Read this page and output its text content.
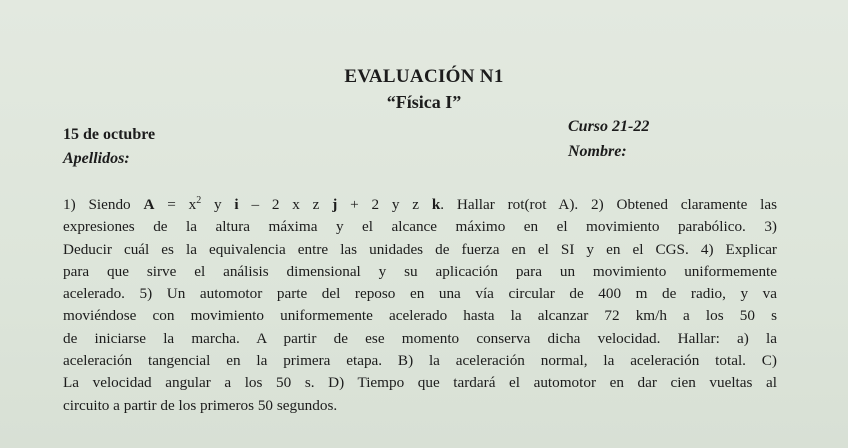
EVALUACIÓN N1
“Física I”
15 de octubre
Apellidos:
Curso 21-22
Nombre:
1) Siendo $A = x^2$ y i – 2 x z j + 2 y z k. Hallar rot(rot A). 2) Obtened claramente las
expresiones de la altura máxima y el alcance máximo en el movimiento parabólico. 3)
Deducir cuál es la equivalencia entre las unidades de fuerza en el SI y en el CGS. 4) Explicar
para que sirve el análisis dimensional y su aplicación para un movimiento uniformemente
acelerado. 5) Un automotor parte del reposo en una vía circular de 400 m de radio, y va
moviéndose con movimiento uniformemente acelerado hasta la alcanzar 72 km/h a los 50 s
de iniciarse la marcha. A partir de ese momento conserva dicha velocidad. Hallar: a) la
aceleración tangencial en la primera etapa. B) la aceleración normal, la aceleración total. C)
La velocidad angular a los 50 s. D) Tiempo que tardará el automotor en dar cien vueltas al
circuito a partir de los primeros 50 segundos.
